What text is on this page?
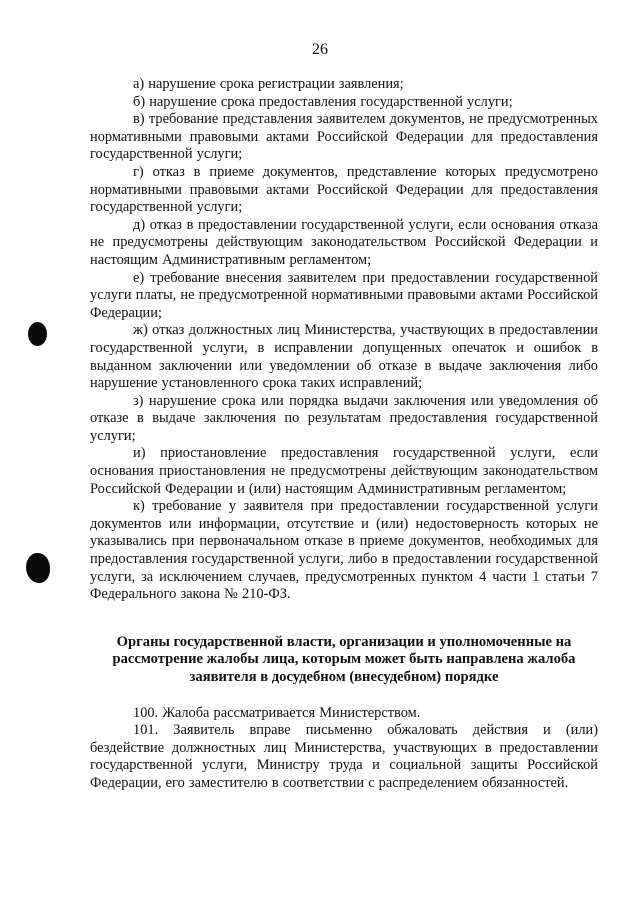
26

а) нарушение срока регистрации заявления;

б) нарушение срока предоставления государственной услуги;

в) требование представления заявителем документов, не предусмотренных нормативными правовыми актами Российской Федерации для предоставления государственной услуги;

г) отказ в приеме документов, представление которых предусмотрено нормативными правовыми актами Российской Федерации для предоставления государственной услуги;

д) отказ в предоставлении государственной услуги, если основания отказа не предусмотрены действующим законодательством Российской Федерации и настоящим Административным регламентом;

е) требование внесения заявителем при предоставлении государственной услуги платы, не предусмотренной нормативными правовыми актами Российской Федерации;

ж) отказ должностных лиц Министерства, участвующих в предоставлении государственной услуги, в исправлении допущенных опечаток и ошибок в выданном заключении или уведомлении об отказе в выдаче заключения либо нарушение установленного срока таких исправлений;

з) нарушение срока или порядка выдачи заключения или уведомления об отказе в выдаче заключения по результатам предоставления государственной услуги;

и) приостановление предоставления государственной услуги, если основания приостановления не предусмотрены действующим законодательством Российской Федерации и (или) настоящим Административным регламентом;

к) требование у заявителя при предоставлении государственной услуги документов или информации, отсутствие и (или) недостоверность которых не указывались при первоначальном отказе в приеме документов, необходимых для предоставления государственной услуги, либо в предоставлении государственной услуги, за исключением случаев, предусмотренных пунктом 4 части 1 статьи 7 Федерального закона № 210-ФЗ.

Органы государственной власти, организации и уполномоченные на рассмотрение жалобы лица, которым может быть направлена жалоба заявителя в досудебном (внесудебном) порядке

100. Жалоба рассматривается Министерством.

101. Заявитель вправе письменно обжаловать действия и (или) бездействие должностных лиц Министерства, участвующих в предоставлении государственной услуги, Министру труда и социальной защиты Российской Федерации, его заместителю в соответствии с распределением обязанностей.
